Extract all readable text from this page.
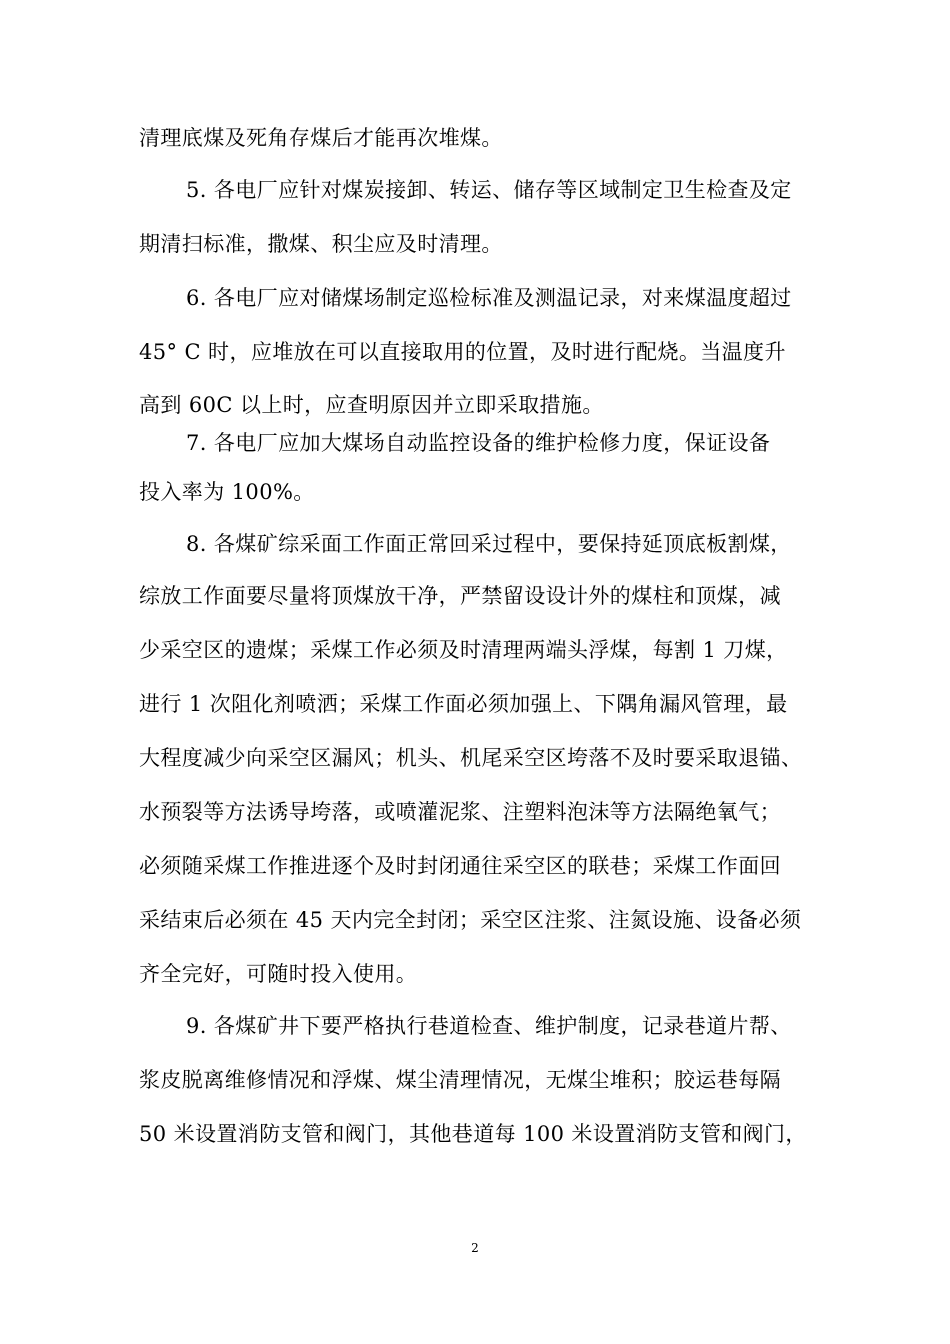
清理底煤及死角存煤后才能再次堆煤。
5. 各电厂应针对煤炭接卸、转运、储存等区域制定卫生检查及定
期清扫标准，撒煤、积尘应及时清理。
6. 各电厂应对储煤场制定巡检标准及测温记录，对来煤温度超过
45° C 时，应堆放在可以直接取用的位置，及时进行配烧。当温度升
高到 60C 以上时，应查明原因并立即采取措施。
7. 各电厂应加大煤场自动监控设备的维护检修力度，保证设备
投入率为 100%。
8. 各煤矿综采面工作面正常回采过程中，要保持延顶底板割煤，
综放工作面要尽量将顶煤放干净，严禁留设设计外的煤柱和顶煤，减
少采空区的遗煤；采煤工作必须及时清理两端头浮煤，每割 1 刀煤，
进行 1 次阻化剂喷洒；采煤工作面必须加强上、下隅角漏风管理，最
大程度减少向采空区漏风；机头、机尾采空区垮落不及时要采取退锚、
水预裂等方法诱导垮落，或喷灌泥浆、注塑料泡沫等方法隔绝氧气；
必须随采煤工作推进逐个及时封闭通往采空区的联巷；采煤工作面回
采结束后必须在 45 天内完全封闭；采空区注浆、注氮设施、设备必须
齐全完好，可随时投入使用。
9. 各煤矿井下要严格执行巷道检查、维护制度，记录巷道片帮、
浆皮脱离维修情况和浮煤、煤尘清理情况，无煤尘堆积；胶运巷每隔
50 米设置消防支管和阀门，其他巷道每 100 米设置消防支管和阀门，
2
